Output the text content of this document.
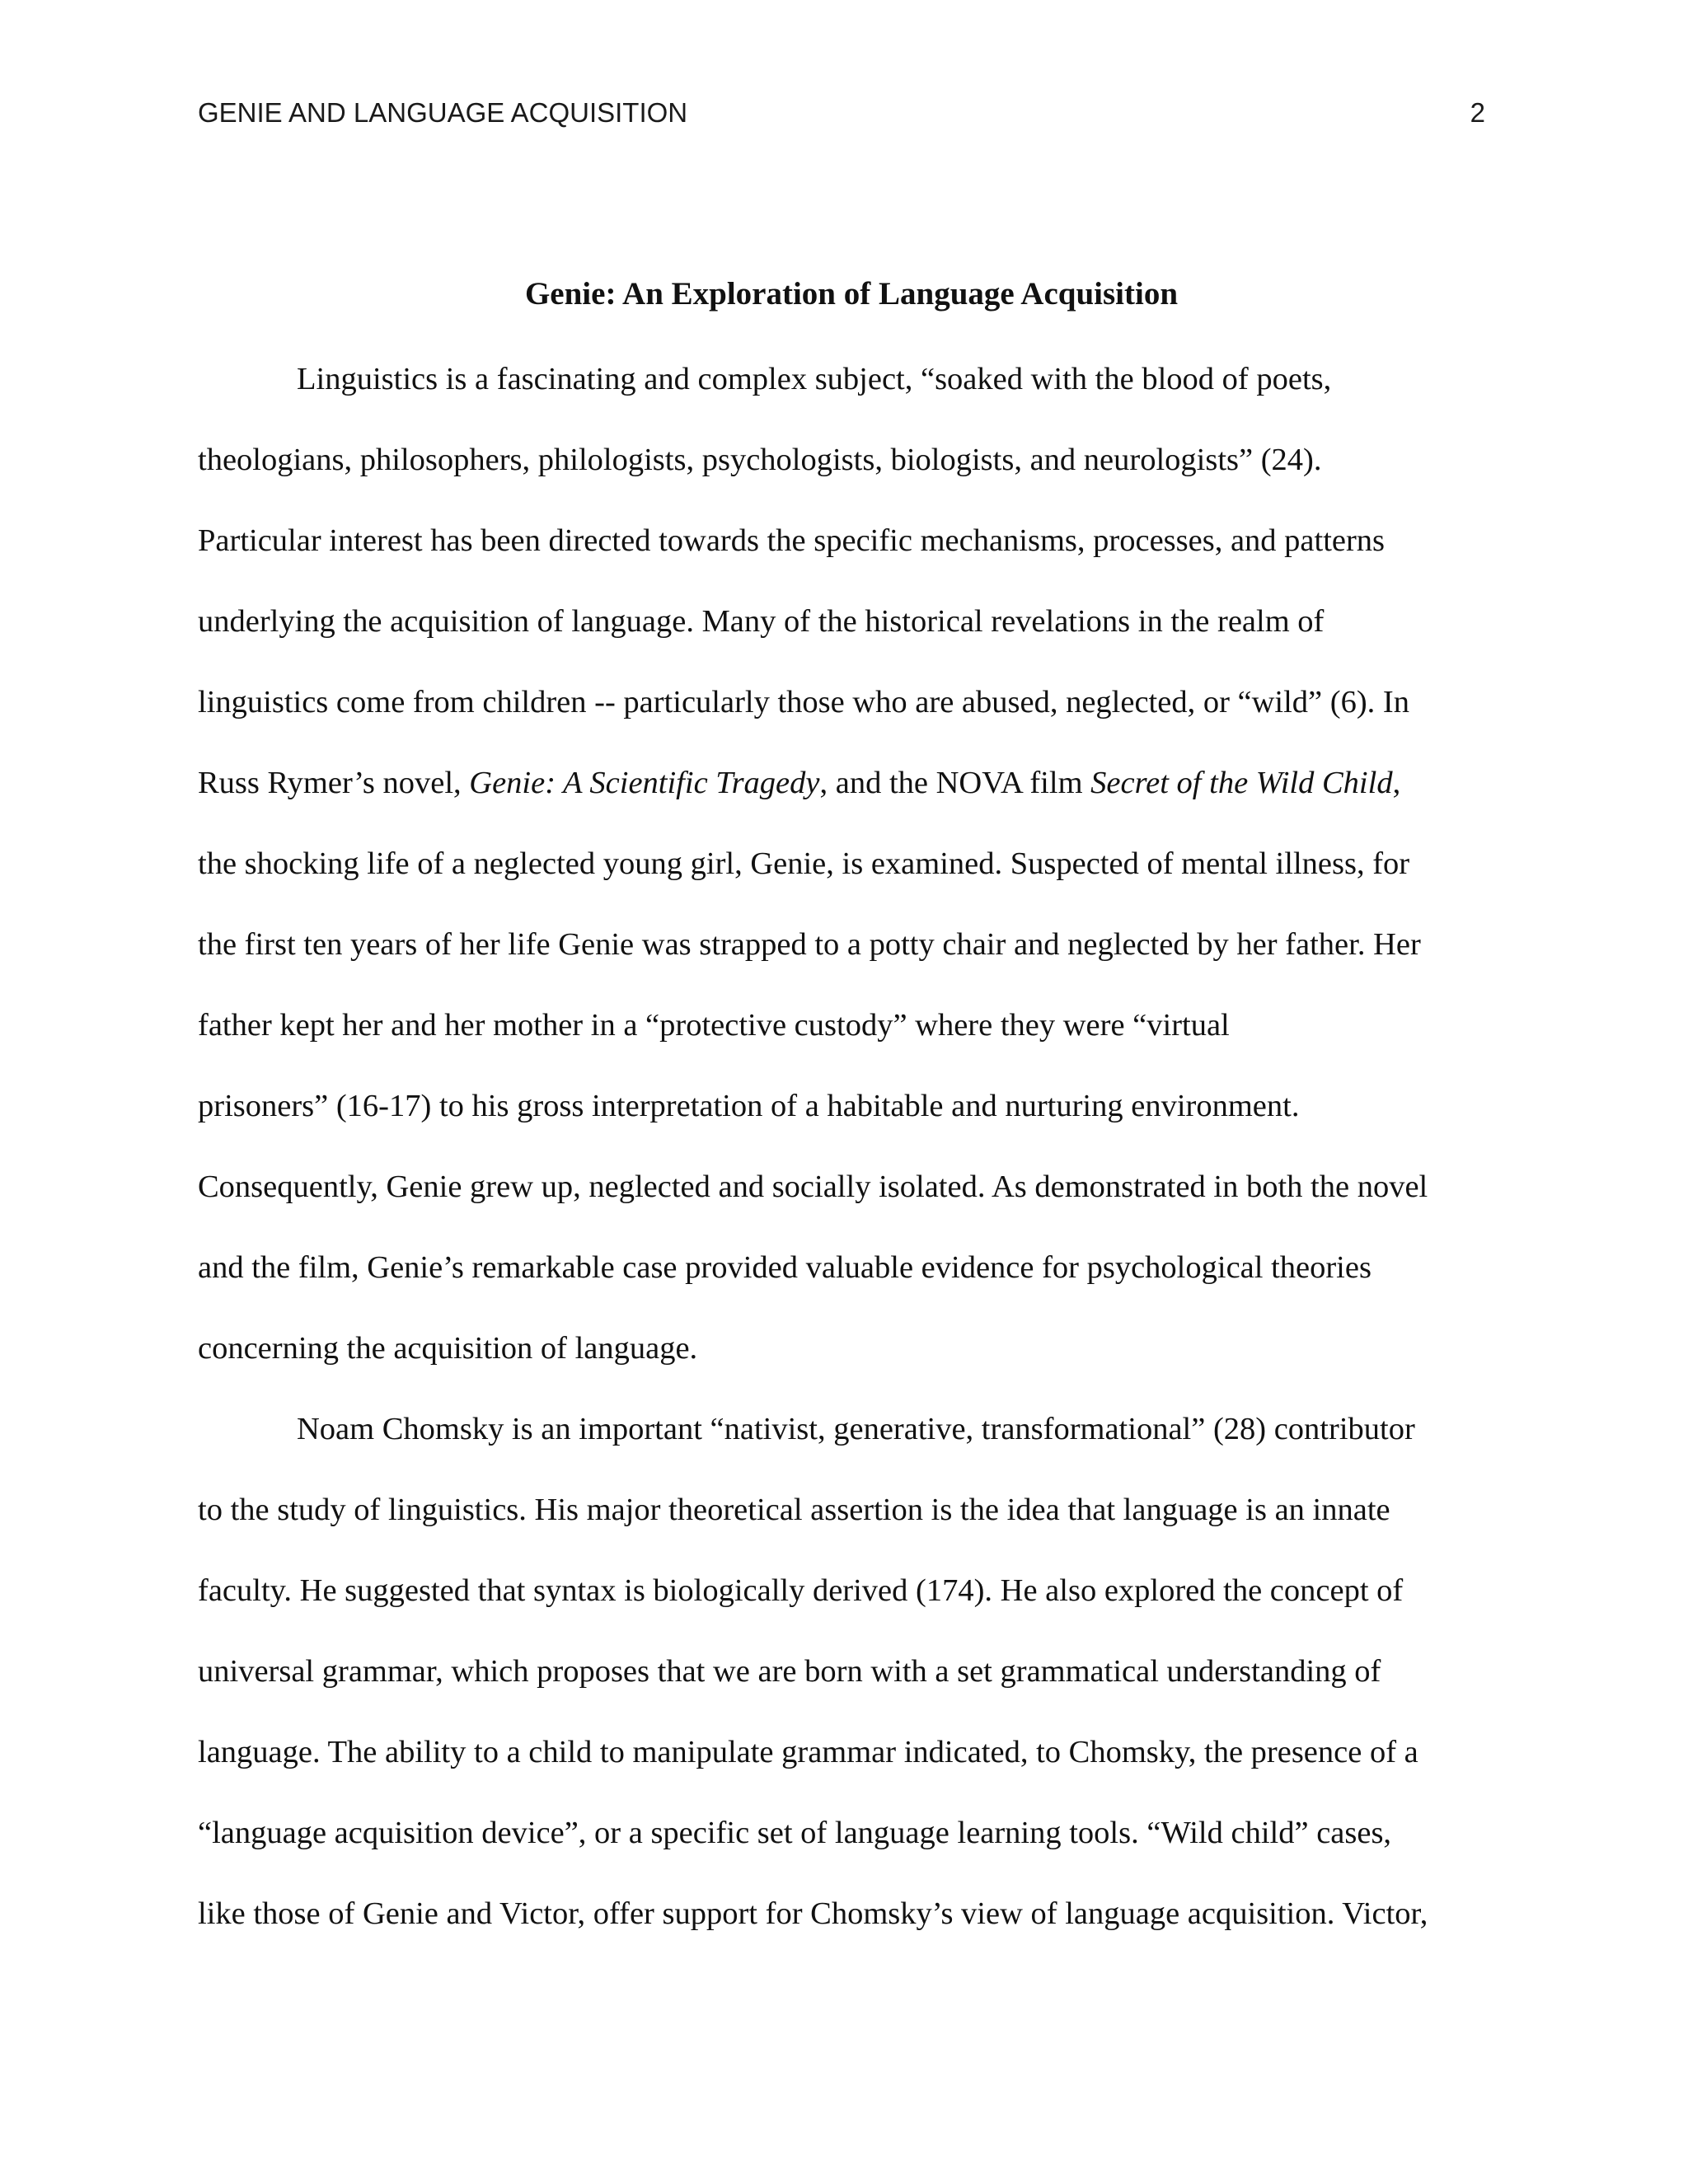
GENIE AND LANGUAGE ACQUISITION	2
Genie: An Exploration of Language Acquisition
Linguistics is a fascinating and complex subject, “soaked with the blood of poets,
theologians, philosophers, philologists, psychologists, biologists, and neurologists” (24).
Particular interest has been directed towards the specific mechanisms, processes, and patterns
underlying the acquisition of language. Many of the historical revelations in the realm of
linguistics come from children -- particularly those who are abused, neglected, or “wild” (6). In
Russ Rymer’s novel, Genie: A Scientific Tragedy, and the NOVA film Secret of the Wild Child,
the shocking life of a neglected young girl, Genie, is examined. Suspected of mental illness, for
the first ten years of her life Genie was strapped to a potty chair and neglected by her father. Her
father kept her and her mother in a “protective custody” where they were “virtual
prisoners” (16-17) to his gross interpretation of a habitable and nurturing environment.
Consequently, Genie grew up, neglected and socially isolated. As demonstrated in both the novel
and the film, Genie’s remarkable case provided valuable evidence for psychological theories
concerning the acquisition of language.
Noam Chomsky is an important “nativist, generative, transformational” (28) contributor
to the study of linguistics. His major theoretical assertion is the idea that language is an innate
faculty. He suggested that syntax is biologically derived (174). He also explored the concept of
universal grammar, which proposes that we are born with a set grammatical understanding of
language. The ability to a child to manipulate grammar indicated, to Chomsky, the presence of a
“language acquisition device”, or a specific set of language learning tools. “Wild child” cases,
like those of Genie and Victor, offer support for Chomsky’s view of language acquisition. Victor,
